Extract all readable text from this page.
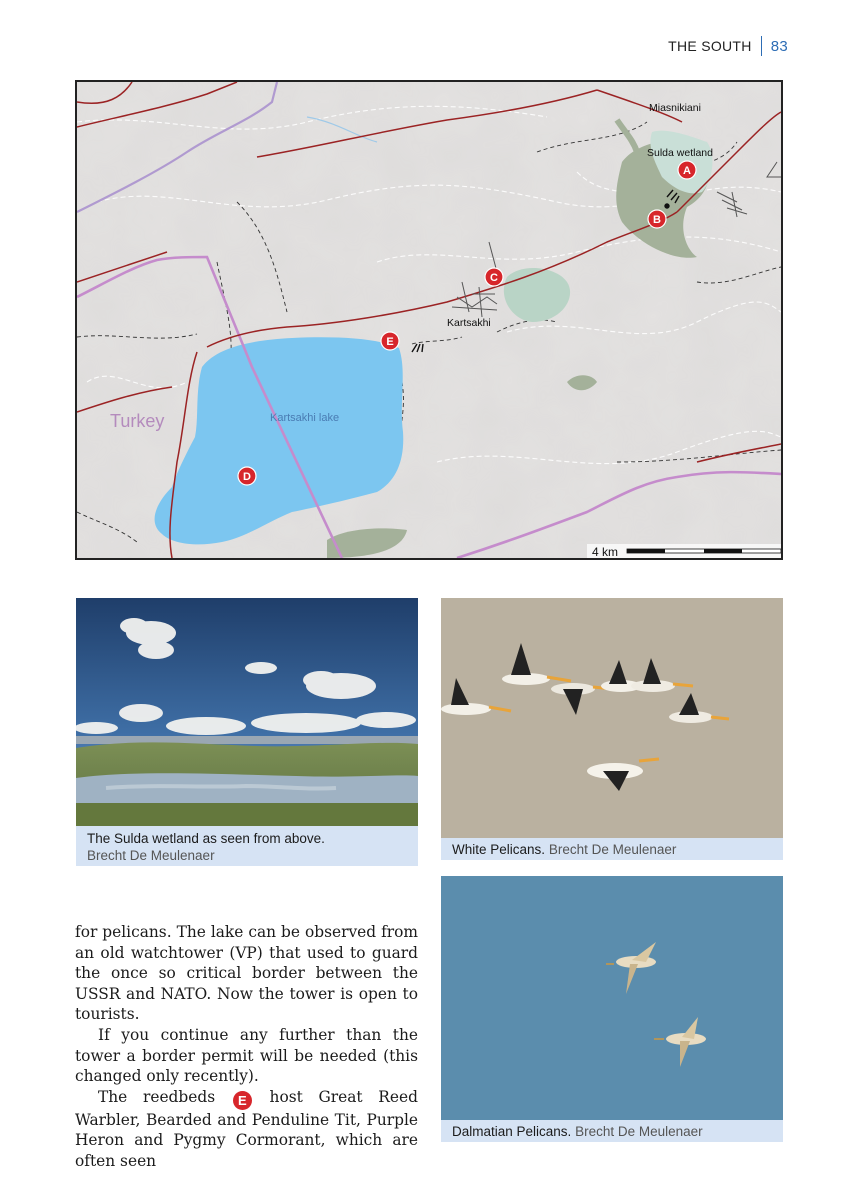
THE SOUTH 83
Miasnikiani
Sulda wetland
Kartsakhi
Kartsakhi lake
Turkey
A
B
C
D
E
4 km
The Sulda wetland as seen from above.
Brecht De Meulenaer	White Pelicans. Brecht De Meulenaer
Dalmatian Pelicans. Brecht De Meulenaer

for pelicans. The lake can be observed from an old watchtower (VP) that used to guard the once so critical border between the USSR and NATO. Now the tower is open to tourists.

If you continue any further than the tower a border permit will be needed (this changed only recently).

The reedbeds E host Great Reed Warbler, Bearded and Penduline Tit, Purple Heron and Pygmy Cormorant, which are often seen
